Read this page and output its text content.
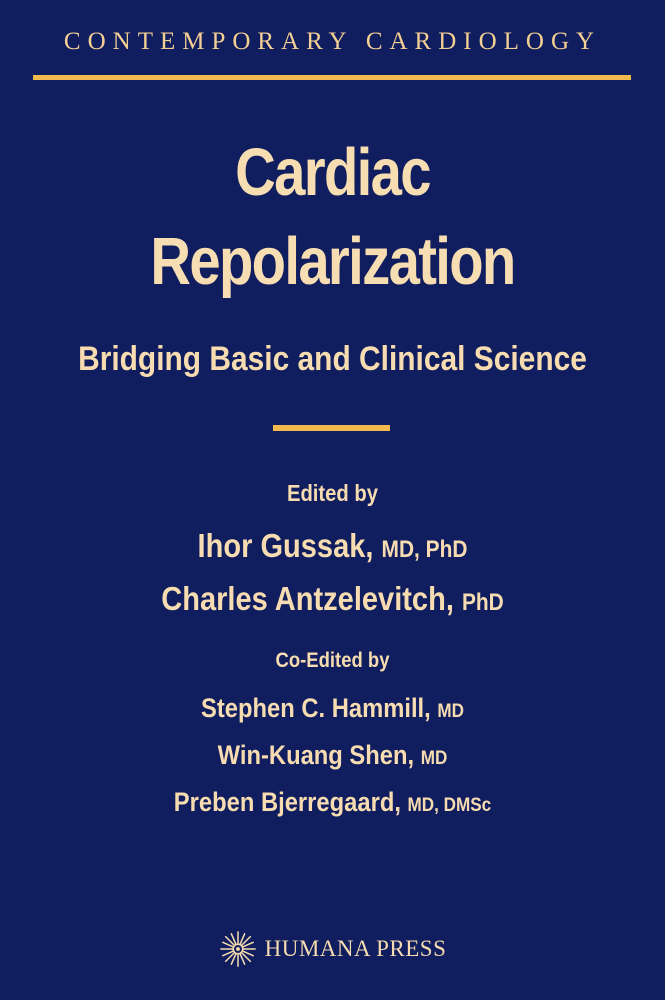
CONTEMPORARY CARDIOLOGY
Cardiac
Repolarization
Bridging Basic and Clinical Science
Edited by
Ihor Gussak, MD, PhD
Charles Antzelevitch, PhD
Co-Edited by
Stephen C. Hammill, MD
Win-Kuang Shen, MD
Preben Bjerregaard, MD, DMSc
HUMANA PRESS
